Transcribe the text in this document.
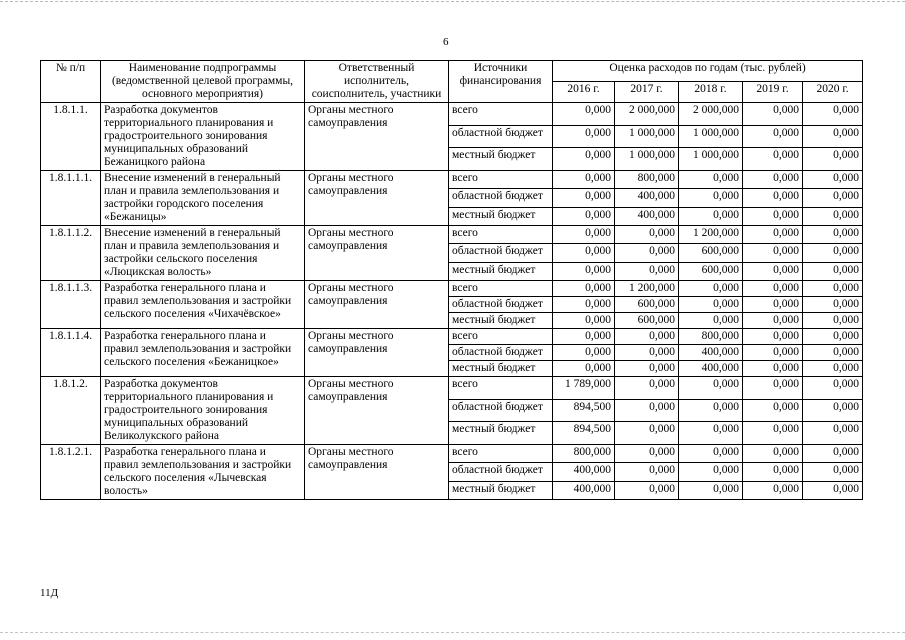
6
№ п/п	Наименование подпрограммы (ведомственной целевой программы, основного мероприятия)	Ответственный исполнитель, соисполнитель, участники	Источники финансирования	Оценка расходов по годам (тыс. рублей)				
				2016 г.	2017 г.	2018 г.	2019 г.	2020 г.
1.8.1.1.	Разработка документов территориального планирования и градостроительного зонирования муниципальных образований Бежаницкого района	Органы местного самоуправления	всего	0,000	2 000,000	2 000,000	0,000	0,000
			областной бюджет	0,000	1 000,000	1 000,000	0,000	0,000
			местный бюджет	0,000	1 000,000	1 000,000	0,000	0,000
1.8.1.1.1.	Внесение изменений в генеральный план и правила землепользования и застройки городского поселения «Бежаницы»	Органы местного самоуправления	всего	0,000	800,000	0,000	0,000	0,000
			областной бюджет	0,000	400,000	0,000	0,000	0,000
			местный бюджет	0,000	400,000	0,000	0,000	0,000
1.8.1.1.2.	Внесение изменений в генеральный план и правила землепользования и застройки сельского поселения «Люцикская волость»	Органы местного самоуправления	всего	0,000	0,000	1 200,000	0,000	0,000
			областной бюджет	0,000	0,000	600,000	0,000	0,000
			местный бюджет	0,000	0,000	600,000	0,000	0,000
1.8.1.1.3.	Разработка генерального плана и правил землепользования и застройки сельского поселения «Чихачёвское»	Органы местного самоуправления	всего	0,000	1 200,000	0,000	0,000	0,000
			областной бюджет	0,000	600,000	0,000	0,000	0,000
			местный бюджет	0,000	600,000	0,000	0,000	0,000
1.8.1.1.4.	Разработка генерального плана и правил землепользования и застройки сельского поселения «Бежаницкое»	Органы местного самоуправления	всего	0,000	0,000	800,000	0,000	0,000
			областной бюджет	0,000	0,000	400,000	0,000	0,000
			местный бюджет	0,000	0,000	400,000	0,000	0,000
1.8.1.2.	Разработка документов территориального планирования и градостроительного зонирования муниципальных образований Великолукского района	Органы местного самоуправления	всего	1 789,000	0,000	0,000	0,000	0,000
			областной бюджет	894,500	0,000	0,000	0,000	0,000
			местный бюджет	894,500	0,000	0,000	0,000	0,000
1.8.1.2.1.	Разработка генерального плана и правил землепользования и застройки сельского поселения «Лычевская волость»	Органы местного самоуправления	всего	800,000	0,000	0,000	0,000	0,000
			областной бюджет	400,000	0,000	0,000	0,000	0,000
			местный бюджет	400,000	0,000	0,000	0,000	0,000
11Д
